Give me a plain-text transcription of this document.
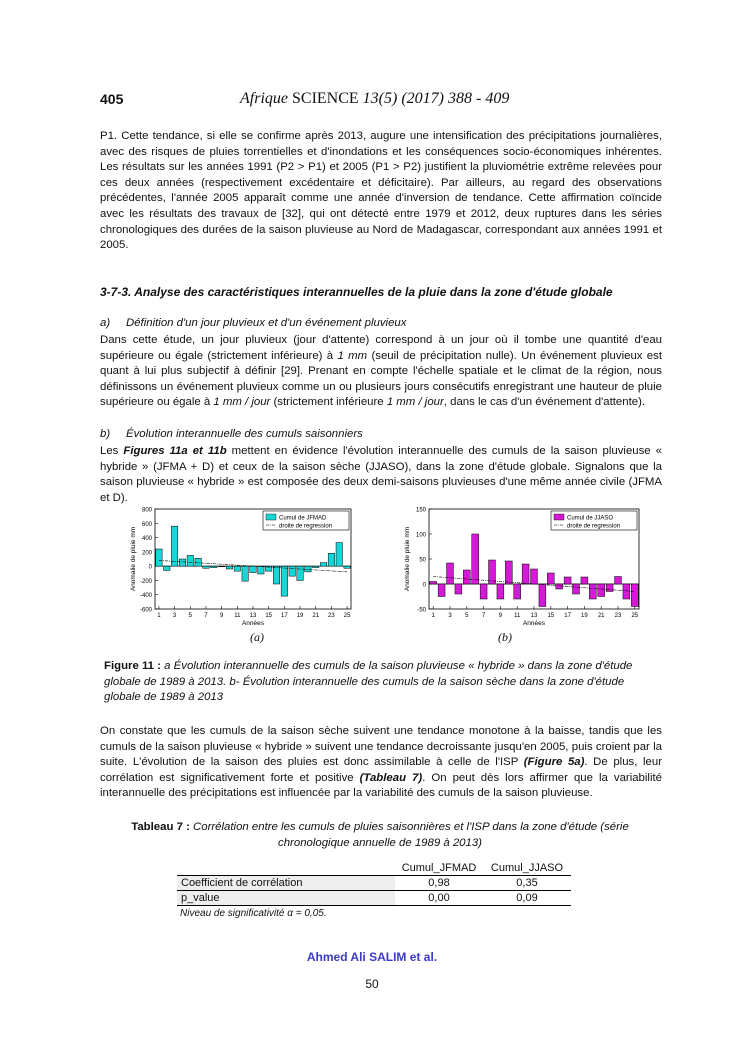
405	Afrique SCIENCE 13(5) (2017) 388 - 409
P1. Cette tendance, si elle se confirme après 2013, augure une intensification des précipitations journalières, avec des risques de pluies torrentielles et d'inondations et les conséquences socio-économiques inhérentes. Les résultats sur les années 1991 (P2 > P1) et 2005 (P1 > P2) justifient la pluviométrie extrême relevées pour ces deux années (respectivement excédentaire et déficitaire). Par ailleurs, au regard des observations précédentes, l'année 2005 apparaît comme une année d'inversion de tendance. Cette affirmation coïncide avec les résultats des travaux de [32], qui ont détecté entre 1979 et 2012, deux ruptures dans les séries chronologiques des durées de la saison pluvieuse au Nord de Madagascar, correspondant aux années 1991 et 2005.
3-7-3. Analyse des caractéristiques interannuelles de la pluie dans la zone d'étude globale
a) Définition d'un jour pluvieux et d'un événement pluvieux
Dans cette étude, un jour pluvieux (jour d'attente) correspond à un jour où il tombe une quantité d'eau supérieure ou égale (strictement inférieure) à 1 mm (seuil de précipitation nulle). Un événement pluvieux est quant à lui plus subjectif à définir [29]. Prenant en compte l'échelle spatiale et le climat de la région, nous définissons un événement pluvieux comme un ou plusieurs jours consécutifs enregistrant une hauteur de pluie supérieure ou égale à 1 mm / jour (strictement inférieure 1 mm / jour, dans le cas d'un événement d'attente).
b) Évolution interannuelle des cumuls saisonniers
Les Figures 11a et 11b mettent en évidence l'évolution interannuelle des cumuls de la saison pluvieuse « hybride » (JFMA + D) et ceux de la saison sèche (JJASO), dans la zone d'étude globale. Signalons que la saison pluvieuse « hybride » est composée des deux demi-saisons pluvieuses d'une même année civile (JFMA et D).
800
600
400
200
0
-200
-400
-600
1 3 5 7 9 11 13 15 17 19 21 23 25
Années
Anomalie de pluie mm
Cumul de JFMAD
droite de regression
150
100
50
0
-50
1 3 5 7 9 11 13 15 17 19 21 23 25
Années
Anomalie de pluie mm
Cumul de JJASO
droite de regression
(a)	(b)
Figure 11 : a Évolution interannuelle des cumuls de la saison pluvieuse « hybride » dans la zone d'étude globale de 1989 à 2013. b- Évolution interannuelle des cumuls de la saison sèche dans la zone d'étude globale de 1989 à 2013
On constate que les cumuls de la saison sèche suivent une tendance monotone à la baisse, tandis que les cumuls de la saison pluvieuse « hybride » suivent une tendance decroissante jusqu'en 2005, puis croient par la suite. L'évolution de la saison des pluies est donc assimilable à celle de l'ISP (Figure 5a). De plus, leur corrélation est significativement forte et positive (Tableau 7). On peut dès lors affirmer que la variabilité interannuelle des précipitations est influencée par la variabilité des cumuls de la saison pluvieuse.
Tableau 7 : Corrélation entre les cumuls de pluies saisonnières et l'ISP dans la zone d'étude (série chronologique annuelle de 1989 à 2013)
	Cumul_JFMAD	Cumul_JJASO
Coefficient de corrélation	0,98	0,35
p_value	0,00	0,09
Niveau de significativité α = 0,05.
Ahmed Ali SALIM et al.
50
